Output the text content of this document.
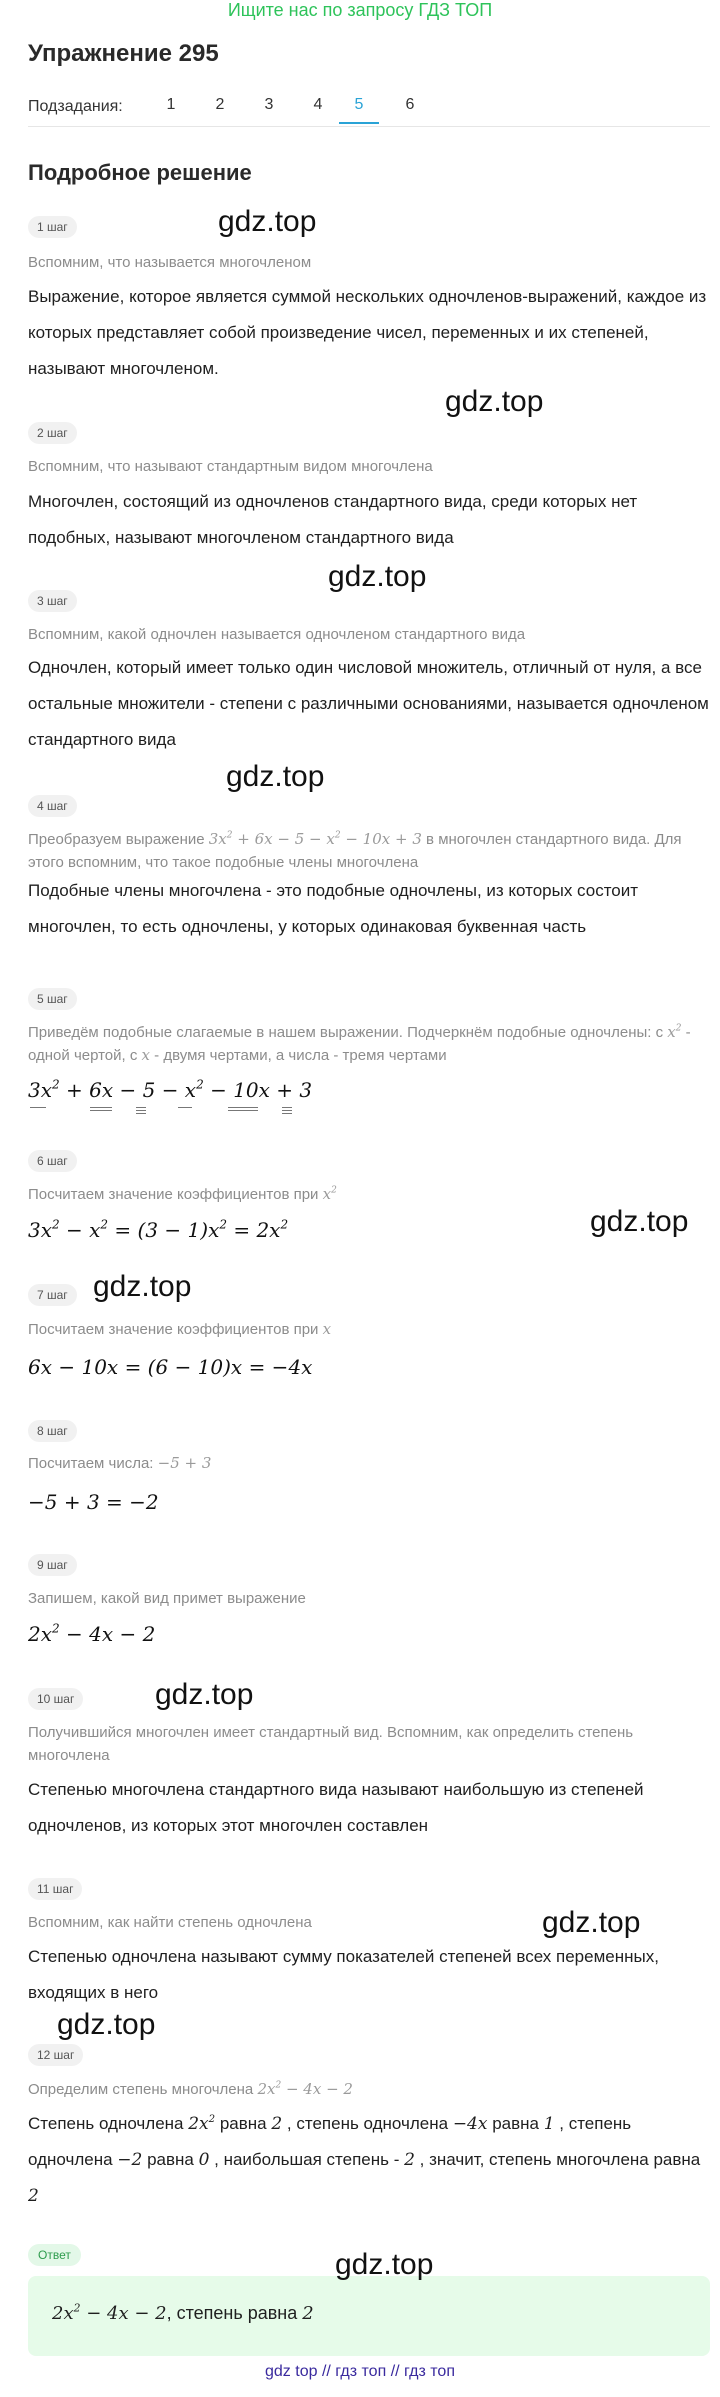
Ищите нас по запросу ГДЗ ТОП
Упражнение 295
Подзадания:	1	2	3	4	5	6
Подробное решение
1 шаг
Вспомним, что называется многочленом
Выражение, которое является суммой нескольких одночленов-выражений, каждое из которых представляет собой произведение чисел, переменных и их степеней, называют многочленом.
2 шаг
Вспомним, что называют стандартным видом многочлена
Многочлен, состоящий из одночленов стандартного вида, среди которых нет подобных, называют многочленом стандартного вида
3 шаг
Вспомним, какой одночлен называется одночленом стандартного вида
Одночлен, который имеет только один числовой множитель, отличный от нуля, а все остальные множители - степени с различными основаниями, называется одночленом стандартного вида
4 шаг
Преобразуем выражение $3x^2 + 6x - 5 - x^2 - 10x + 3$ в многочлен стандартного вида. Для этого вспомним, что такое подобные члены многочлена
Подобные члены многочлена - это подобные одночлены, из которых состоит многочлен, то есть одночлены, у которых одинаковая буквенная часть
5 шаг
Приведём подобные слагаемые в нашем выражении. Подчеркнём подобные одночлены: с $x^2$ - одной чертой, с x - двумя чертами, а числа - тремя чертами
$3x^2 + 6x - 5 - x^2 - 10x + 3$
6 шаг
Посчитаем значение коэффициентов при $x^2$
$3x^2 - x^2 = (3 - 1)x^2 = 2x^2$
7 шаг
Посчитаем значение коэффициентов при x
6x − 10x = (6 − 10)x = −4x
8 шаг
Посчитаем числа: −5 + 3
−5 + 3 = −2
9 шаг
Запишем, какой вид примет выражение
$2x^2 - 4x - 2$
10 шаг
Получившийся многочлен имеет стандартный вид. Вспомним, как определить степень многочлена
Степенью многочлена стандартного вида называют наибольшую из степеней одночленов, из которых этот многочлен составлен
11 шаг
Вспомним, как найти степень одночлена
Степенью одночлена называют сумму показателей степеней всех переменных, входящих в него
12 шаг
Определим степень многочлена $2x^2 - 4x - 2$
Степень одночлена $2x^2$ равна 2 , степень одночлена −4x равна 1 , степень одночлена −2 равна 0 , наибольшая степень - 2 , значит, степень многочлена равна 2
Ответ
$2x^2 - 4x - 2$, степень равна 2
gdz.top
gdz.top
gdz.top
gdz.top
gdz.top
gdz.top
gdz.top
gdz.top
gdz.top
gdz.top
gdz top // гдз топ // гдз топ
